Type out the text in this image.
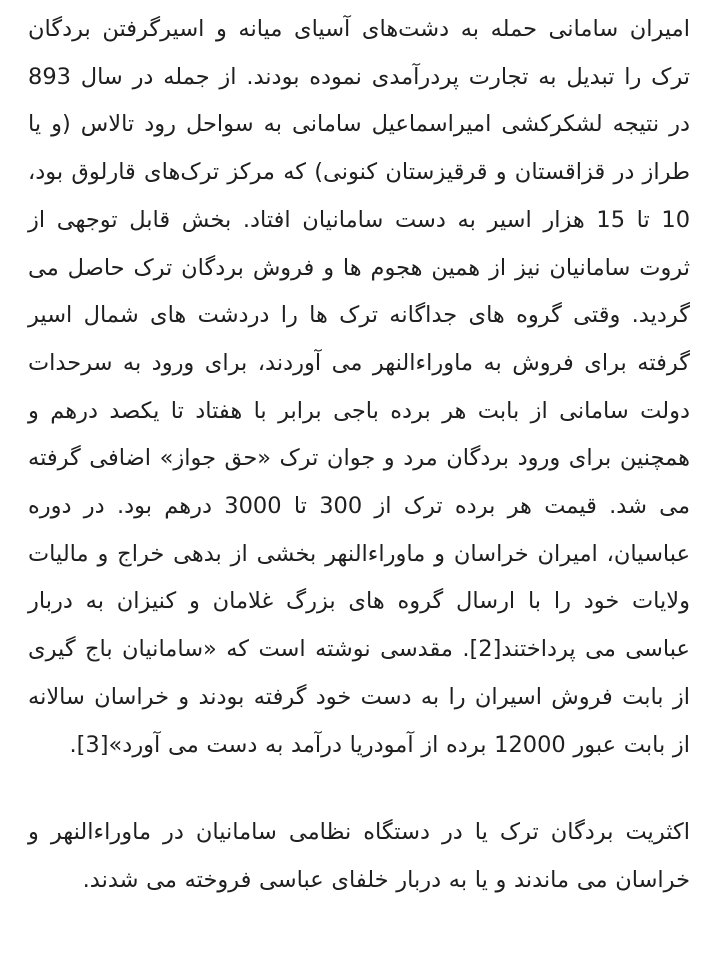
امیران سامانی حمله به دشت‌های آسیای میانه و اسیرگرفتن بردگان ترک را تبدیل به تجارت پردرآمدی نموده بودند. از جمله در سال 893 در نتیجه لشکرکشی امیراسماعیل سامانی به سواحل رود تالاس (و یا طراز در قزاقستان و قرقیزستان کنونی) که مرکز ترک‌های قارلوق بود، 10 تا 15 هزار اسیر به دست سامانیان افتاد. بخش قابل توجهی از ثروت سامانیان نیز از همین هجوم ها و فروش بردگان ترک حاصل می گردید. وقتی گروه های جداگانه ترک ها را دردشت های شمال اسیر گرفته برای فروش به ماوراءالنهر می آوردند، برای ورود به سرحدات دولت سامانی از بابت هر برده باجی برابر با هفتاد تا یکصد درهم و همچنین برای ورود بردگان مرد و جوان ترک «حق جواز» اضافی گرفته می شد. قیمت هر برده ترک از 300 تا 3000 درهم بود. در دوره عباسیان، امیران خراسان و ماوراءالنهر بخشی از بدهی خراج و مالیات ولایات خود را با ارسال گروه های بزرگ غلامان و کنیزان به دربار عباسی می پرداختند[2]. مقدسی نوشته است که «سامانیان باج گیری از بابت فروش اسیران را به دست خود گرفته بودند و خراسان سالانه از بابت عبور 12000 برده از آمودریا درآمد به دست می آورد»[3].

اکثریت بردگان ترک یا در دستگاه نظامی سامانیان در ماوراءالنهر و خراسان می ماندند و یا به دربار خلفای عباسی فروخته می شدند.
